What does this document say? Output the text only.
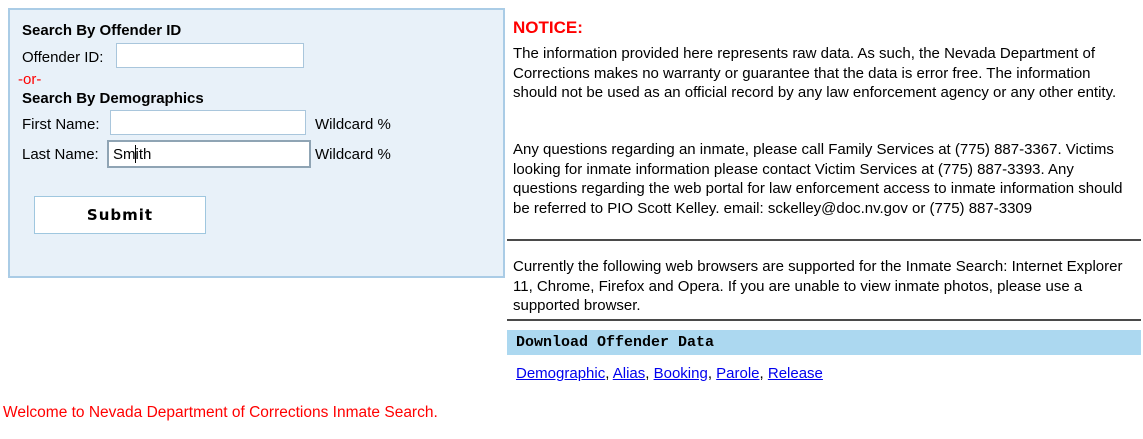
Search By Offender ID
Offender ID:
-or-
Search By Demographics
First Name:	Wildcard %
Last Name:
Smith	Wildcard %
Submit
NOTICE:
The information provided here represents raw data. As such, the Nevada Department of Corrections makes no warranty or guarantee that the data is error free. The information should not be used as an official record by any law enforcement agency or any other entity.
Any questions regarding an inmate, please call Family Services at (775) 887-3367. Victims looking for inmate information please contact Victim Services at (775) 887-3393. Any questions regarding the web portal for law enforcement access to inmate information should be referred to PIO Scott Kelley. email: sckelley@doc.nv.gov or (775) 887-3309
Currently the following web browsers are supported for the Inmate Search: Internet Explorer 11, Chrome, Firefox and Opera. If you are unable to view inmate photos, please use a supported browser.
Download Offender Data
Demographic, Alias, Booking, Parole, Release
Welcome to Nevada Department of Corrections Inmate Search.
